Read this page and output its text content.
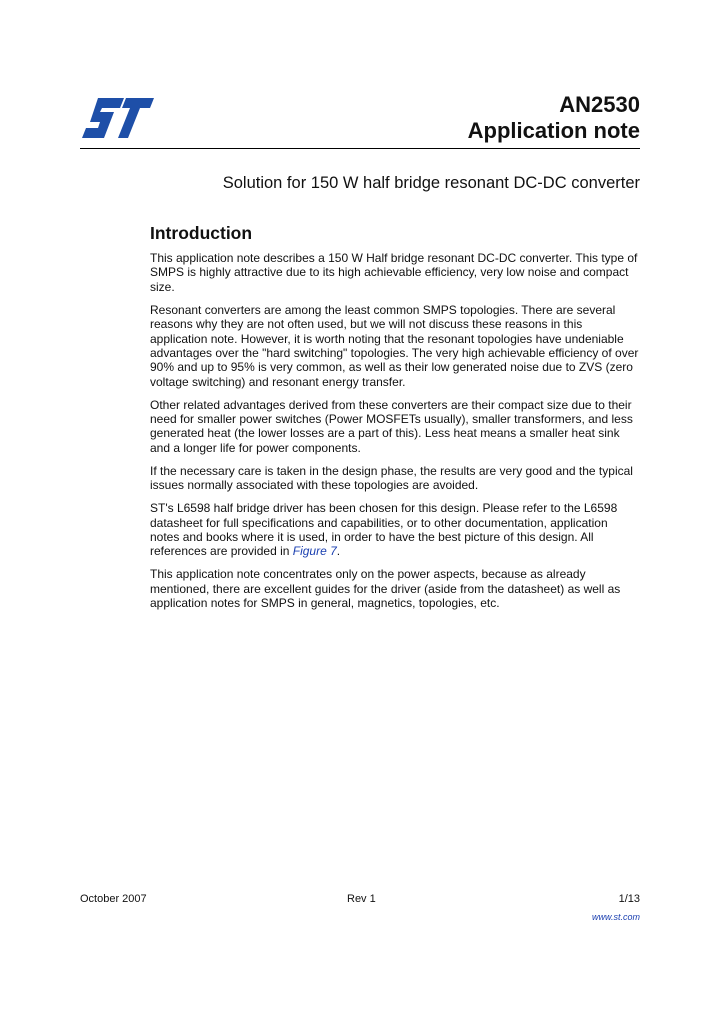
AN2530
Application note

Solution for 150 W half bridge resonant DC-DC converter

Introduction

This application note describes a 150 W Half bridge resonant DC-DC converter. This type of SMPS is highly attractive due to its high achievable efficiency, very low noise and compact size.

Resonant converters are among the least common SMPS topologies. There are several reasons why they are not often used, but we will not discuss these reasons in this application note. However, it is worth noting that the resonant topologies have undeniable advantages over the "hard switching" topologies. The very high achievable efficiency of over 90% and up to 95% is very common, as well as their low generated noise due to ZVS (zero voltage switching) and resonant energy transfer.

Other related advantages derived from these converters are their compact size due to their need for smaller power switches (Power MOSFETs usually), smaller transformers, and less generated heat (the lower losses are a part of this). Less heat means a smaller heat sink and a longer life for power components.

If the necessary care is taken in the design phase, the results are very good and the typical issues normally associated with these topologies are avoided.

ST's L6598 half bridge driver has been chosen for this design. Please refer to the L6598 datasheet for full specifications and capabilities, or to other documentation, application notes and books where it is used, in order to have the best picture of this design. All references are provided in Figure 7.

This application note concentrates only on the power aspects, because as already mentioned, there are excellent guides for the driver (aside from the datasheet) as well as application notes for SMPS in general, magnetics, topologies, etc.

October 2007	Rev 1	1/13
www.st.com
